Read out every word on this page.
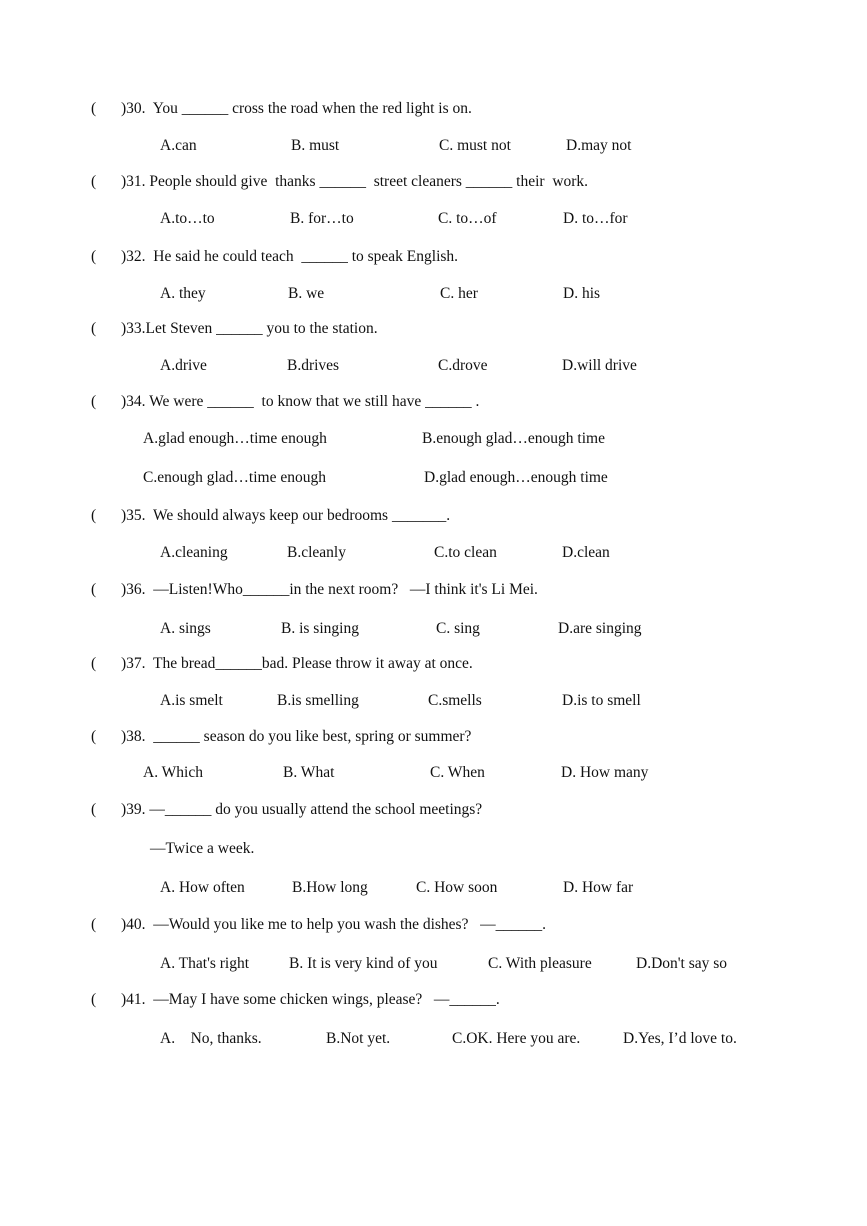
( )30.  You ______ cross the road when the red light is on.
A.can	B. must	C. must not	D.may not
( )31. People should give  thanks ______  street cleaners ______ their  work.
A.to…to	B. for…to	C. to…of	D. to…for
( )32.  He said he could teach  ______ to speak English.
A. they	B. we	C. her	D. his
( )33.Let Steven ______ you to the station.
A.drive	B.drives	C.drove	D.will drive
( )34. We were ______  to know that we still have ______ .
A.glad enough…time enough	B.enough glad…enough time
C.enough glad…time enough	D.glad enough…enough time
( )35.  We should always keep our bedrooms _______.
A.cleaning	B.cleanly	C.to clean	D.clean
( )36.  —Listen!Who______in the next room?   —I think it's Li Mei.
A. sings	B. is singing	C. sing	D.are singing
( )37.  The bread______bad. Please throw it away at once.
A.is smelt	B.is smelling	C.smells	D.is to smell
( )38.  ______ season do you like best, spring or summer?
A. Which	B. What	C. When	D. How many
( )39. —______ do you usually attend the school meetings?
—Twice a week.
A. How often	B.How long	C. How soon	D. How far
( )40.  —Would you like me to help you wash the dishes?   —______.
A. That's right	B. It is very kind of you	C. With pleasure	D.Don't say so
( )41.  —May I have some chicken wings, please?   —______.
A.    No, thanks.	B.Not yet.	C.OK. Here you are.	D.Yes, I’d love to.
